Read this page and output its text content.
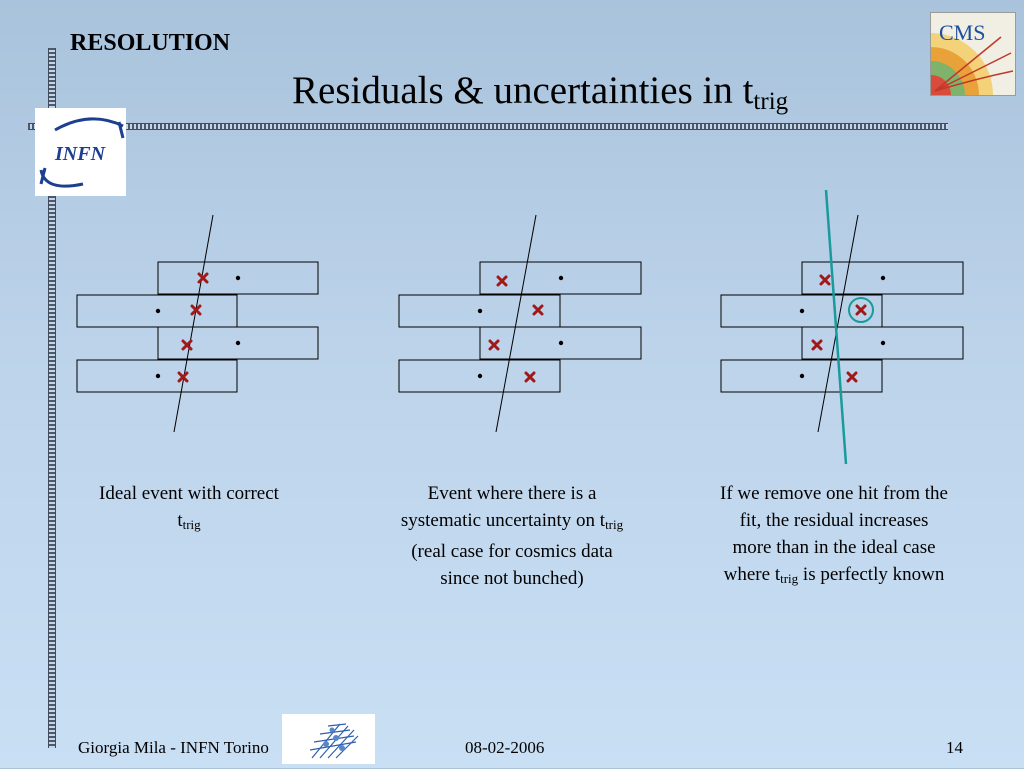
RESOLUTION
Residuals & uncertainties in $t_{trig}$
INFN
CMS
Ideal event with correct $t_{trig}$
Event where there is a systematic uncertainty on $t_{trig}$ (real case for cosmics data since not bunched)
If we remove one hit from the fit, the residual increases more than in the ideal case where $t_{trig}$ is perfectly known
Giorgia Mila - INFN Torino	08-02-2006	14
